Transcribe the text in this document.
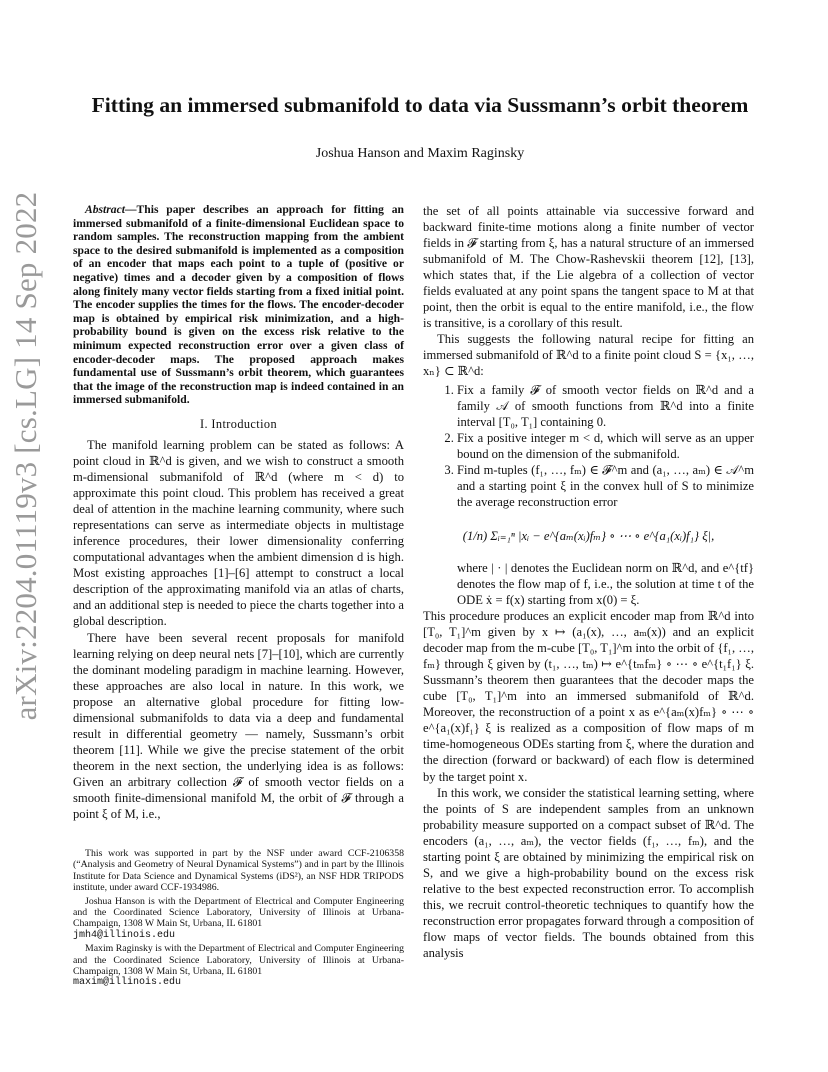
arXiv:2204.01119v3 [cs.LG] 14 Sep 2022
Fitting an immersed submanifold to data via Sussmann’s orbit theorem
Joshua Hanson and Maxim Raginsky

Abstract—This paper describes an approach for fitting an immersed submanifold of a finite-dimensional Euclidean space to random samples. The reconstruction mapping from the ambient space to the desired submanifold is implemented as a composition of an encoder that maps each point to a tuple of (positive or negative) times and a decoder given by a composition of flows along finitely many vector fields starting from a fixed initial point. The encoder supplies the times for the flows. The encoder-decoder map is obtained by empirical risk minimization, and a high-probability bound is given on the excess risk relative to the minimum expected reconstruction error over a given class of encoder-decoder maps. The proposed approach makes fundamental use of Sussmann’s orbit theorem, which guarantees that the image of the reconstruction map is indeed contained in an immersed submanifold.

I. Introduction

The manifold learning problem can be stated as follows: A point cloud in ℝ^d is given, and we wish to construct a smooth m-dimensional submanifold of ℝ^d (where m < d) to approximate this point cloud. This problem has received a great deal of attention in the machine learning community, where such representations can serve as intermediate objects in multistage inference procedures, their lower dimensionality conferring computational advantages when the ambient dimension d is high. Most existing approaches [1]–[6] attempt to construct a local description of the approximating manifold via an atlas of charts, and an additional step is needed to piece the charts together into a global description.

There have been several recent proposals for manifold learning relying on deep neural nets [7]–[10], which are currently the dominant modeling paradigm in machine learning. However, these approaches are also local in nature. In this work, we propose an alternative global procedure for fitting low-dimensional submanifolds to data via a deep and fundamental result in differential geometry — namely, Sussmann’s orbit theorem [11]. While we give the precise statement of the orbit theorem in the next section, the underlying idea is as follows: Given an arbitrary collection 𝓕 of smooth vector fields on a smooth finite-dimensional manifold M, the orbit of 𝓕 through a point ξ of M, i.e.,

This work was supported in part by the NSF under award CCF-2106358 (“Analysis and Geometry of Neural Dynamical Systems”) and in part by the Illinois Institute for Data Science and Dynamical Systems (iDS²), an NSF HDR TRIPODS institute, under award CCF-1934986.

Joshua Hanson is with the Department of Electrical and Computer Engineering and the Coordinated Science Laboratory, University of Illinois at Urbana-Champaign, 1308 W Main St, Urbana, IL 61801
jmh4@illinois.edu

Maxim Raginsky is with the Department of Electrical and Computer Engineering and the Coordinated Science Laboratory, University of Illinois at Urbana-Champaign, 1308 W Main St, Urbana, IL 61801
maxim@illinois.edu

the set of all points attainable via successive forward and backward finite-time motions along a finite number of vector fields in 𝓕 starting from ξ, has a natural structure of an immersed submanifold of M. The Chow-Rashevskii theorem [12], [13], which states that, if the Lie algebra of a collection of vector fields evaluated at any point spans the tangent space to M at that point, then the orbit is equal to the entire manifold, i.e., the flow is transitive, is a corollary of this result.

This suggests the following natural recipe for fitting an immersed submanifold of ℝ^d to a finite point cloud S = {x₁, …, xₙ} ⊂ ℝ^d:

1. Fix a family 𝓕 of smooth vector fields on ℝ^d and a family 𝒜 of smooth functions from ℝ^d into a finite interval [T₀, T₁] containing 0.
2. Fix a positive integer m < d, which will serve as an upper bound on the dimension of the submanifold.
3. Find m-tuples (f₁, …, fₘ) ∈ 𝓕^m and (a₁, …, aₘ) ∈ 𝒜^m and a starting point ξ in the convex hull of S to minimize the average reconstruction error
(1/n) Σᵢ₌₁ⁿ |xᵢ − e^{aₘ(xᵢ)fₘ} ∘ ⋯ ∘ e^{a₁(xᵢ)f₁} ξ|,

where | · | denotes the Euclidean norm on ℝ^d, and e^{tf} denotes the flow map of f, i.e., the solution at time t of the ODE ẋ = f(x) starting from x(0) = ξ.

This procedure produces an explicit encoder map from ℝ^d into [T₀, T₁]^m given by x ↦ (a₁(x), …, aₘ(x)) and an explicit decoder map from the m-cube [T₀, T₁]^m into the orbit of {f₁, …, fₘ} through ξ given by (t₁, …, tₘ) ↦ e^{tₘfₘ} ∘ ⋯ ∘ e^{t₁f₁} ξ. Sussmann’s theorem then guarantees that the decoder maps the cube [T₀, T₁]^m into an immersed submanifold of ℝ^d. Moreover, the reconstruction of a point x as e^{aₘ(x)fₘ} ∘ ⋯ ∘ e^{a₁(x)f₁} ξ is realized as a composition of flow maps of m time-homogeneous ODEs starting from ξ, where the duration and the direction (forward or backward) of each flow is determined by the target point x.

In this work, we consider the statistical learning setting, where the points of S are independent samples from an unknown probability measure supported on a compact subset of ℝ^d. The encoders (a₁, …, aₘ), the vector fields (f₁, …, fₘ), and the starting point ξ are obtained by minimizing the empirical risk on S, and we give a high-probability bound on the excess risk relative to the best expected reconstruction error. To accomplish this, we recruit control-theoretic techniques to quantify how the reconstruction error propagates forward through a composition of flow maps of vector fields. The bounds obtained from this analysis
